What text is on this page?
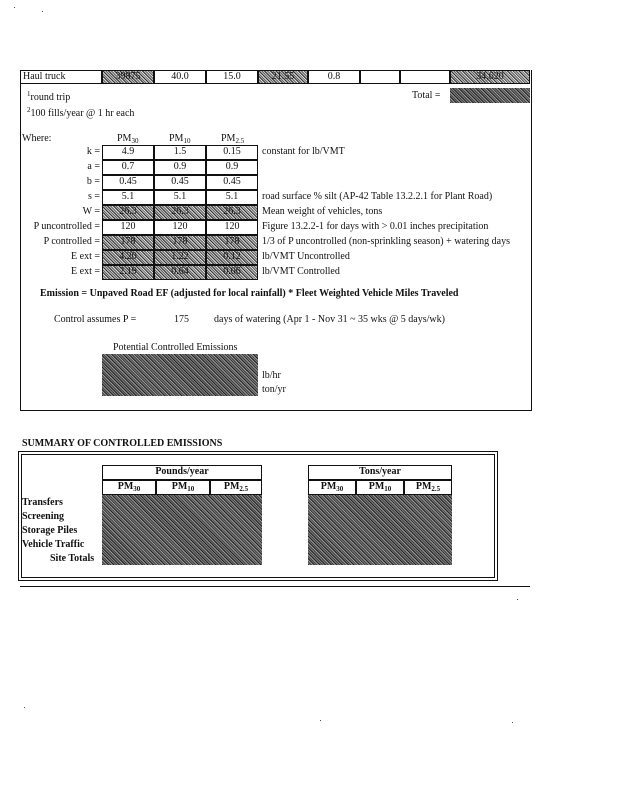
Haul truck	39875	40.0	15.0	21.55	0.8	34,620
$^1$round trip
$^2$100 fills/year @ 1 hr each
Total =
Where:	$PM_{30}$	$PM_{10}$	$PM_{2.5}$
k =	4.9	1.5	0.15	constant for lb/VMT
a =	0.7	0.9	0.9
b =	0.45	0.45	0.45
s =	5.1	5.1	5.1	road surface % silt (AP-42 Table 13.2.2.1 for Plant Road)
W =	26.3	26.3	26.3	Mean weight of vehicles, tons
P uncontrolled =	120	120	120	Figure 13.2.2-1 for days with > 0.01 inches precipitation
P controlled =	178	178	178	1/3 of P uncontrolled (non-sprinkling season) + watering days
E ext =	4.20	1.22	0.12	lb/VMT Uncontrolled
E ext =	2.19	0.64	0.06	lb/VMT Controlled
Emission = Unpaved Road EF (adjusted for local rainfall) * Fleet Weighted Vehicle Miles Traveled
Control assumes P =	175	days of watering (Apr 1 - Nov 31 ~ 35 wks @ 5 days/wk)
Potential Controlled Emissions
lb/hr
ton/yr
SUMMARY OF CONTROLLED EMISSIONS
Pounds/year
$PM_{30}$	$PM_{10}$	$PM_{2.5}$
Tons/year
$PM_{30}$	$PM_{10}$	$PM_{2.5}$
Transfers
Screening
Storage Piles
Vehicle Traffic
Site Totals
